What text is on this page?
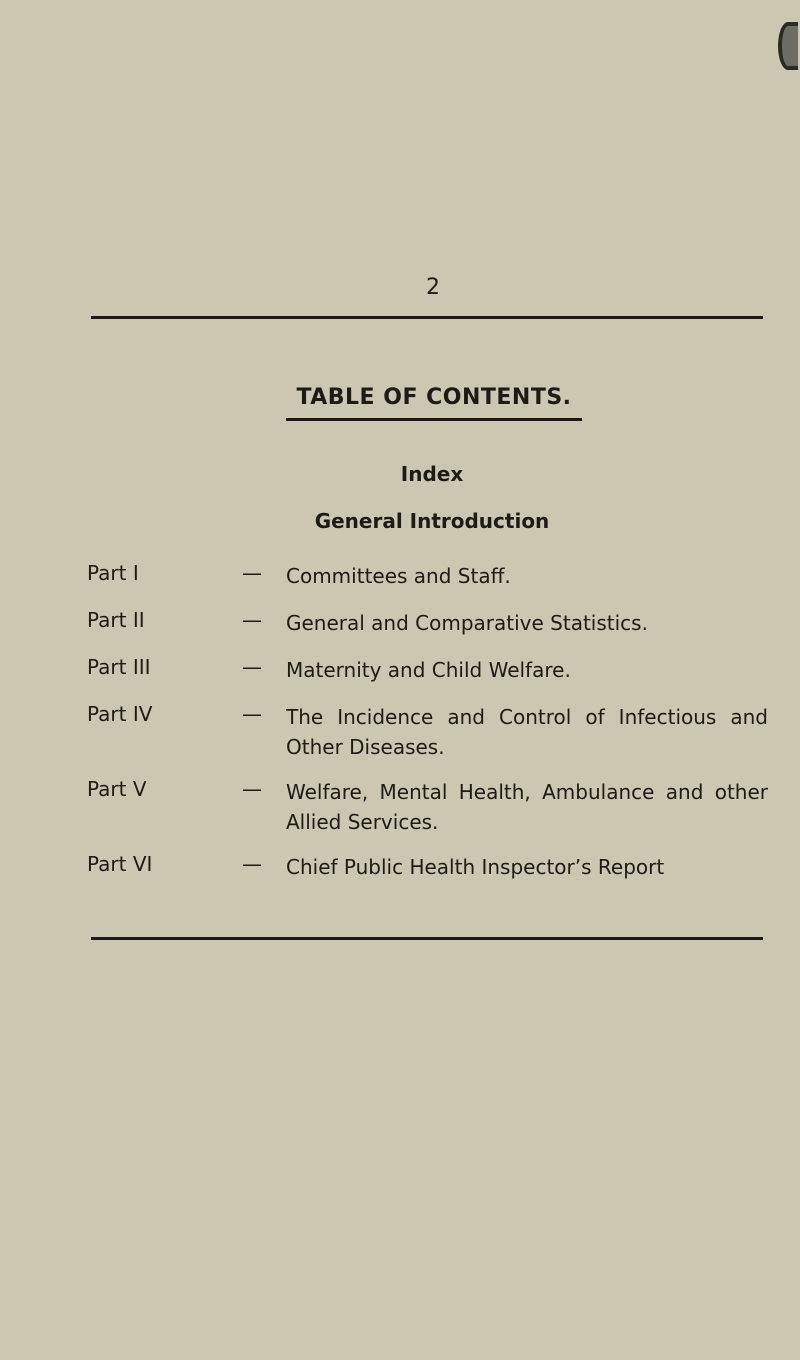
2
TABLE OF CONTENTS.
Index
General Introduction
Part I	— Committees and Staff.
Part II	— General and Comparative Statistics.
Part III	— Maternity and Child Welfare.
Part IV	— The Incidence and Control of Infectious and
Other Diseases.
Part V	— Welfare, Mental Health, Ambulance and other
Allied Services.
Part VI	— Chief Public Health Inspector’s Report
